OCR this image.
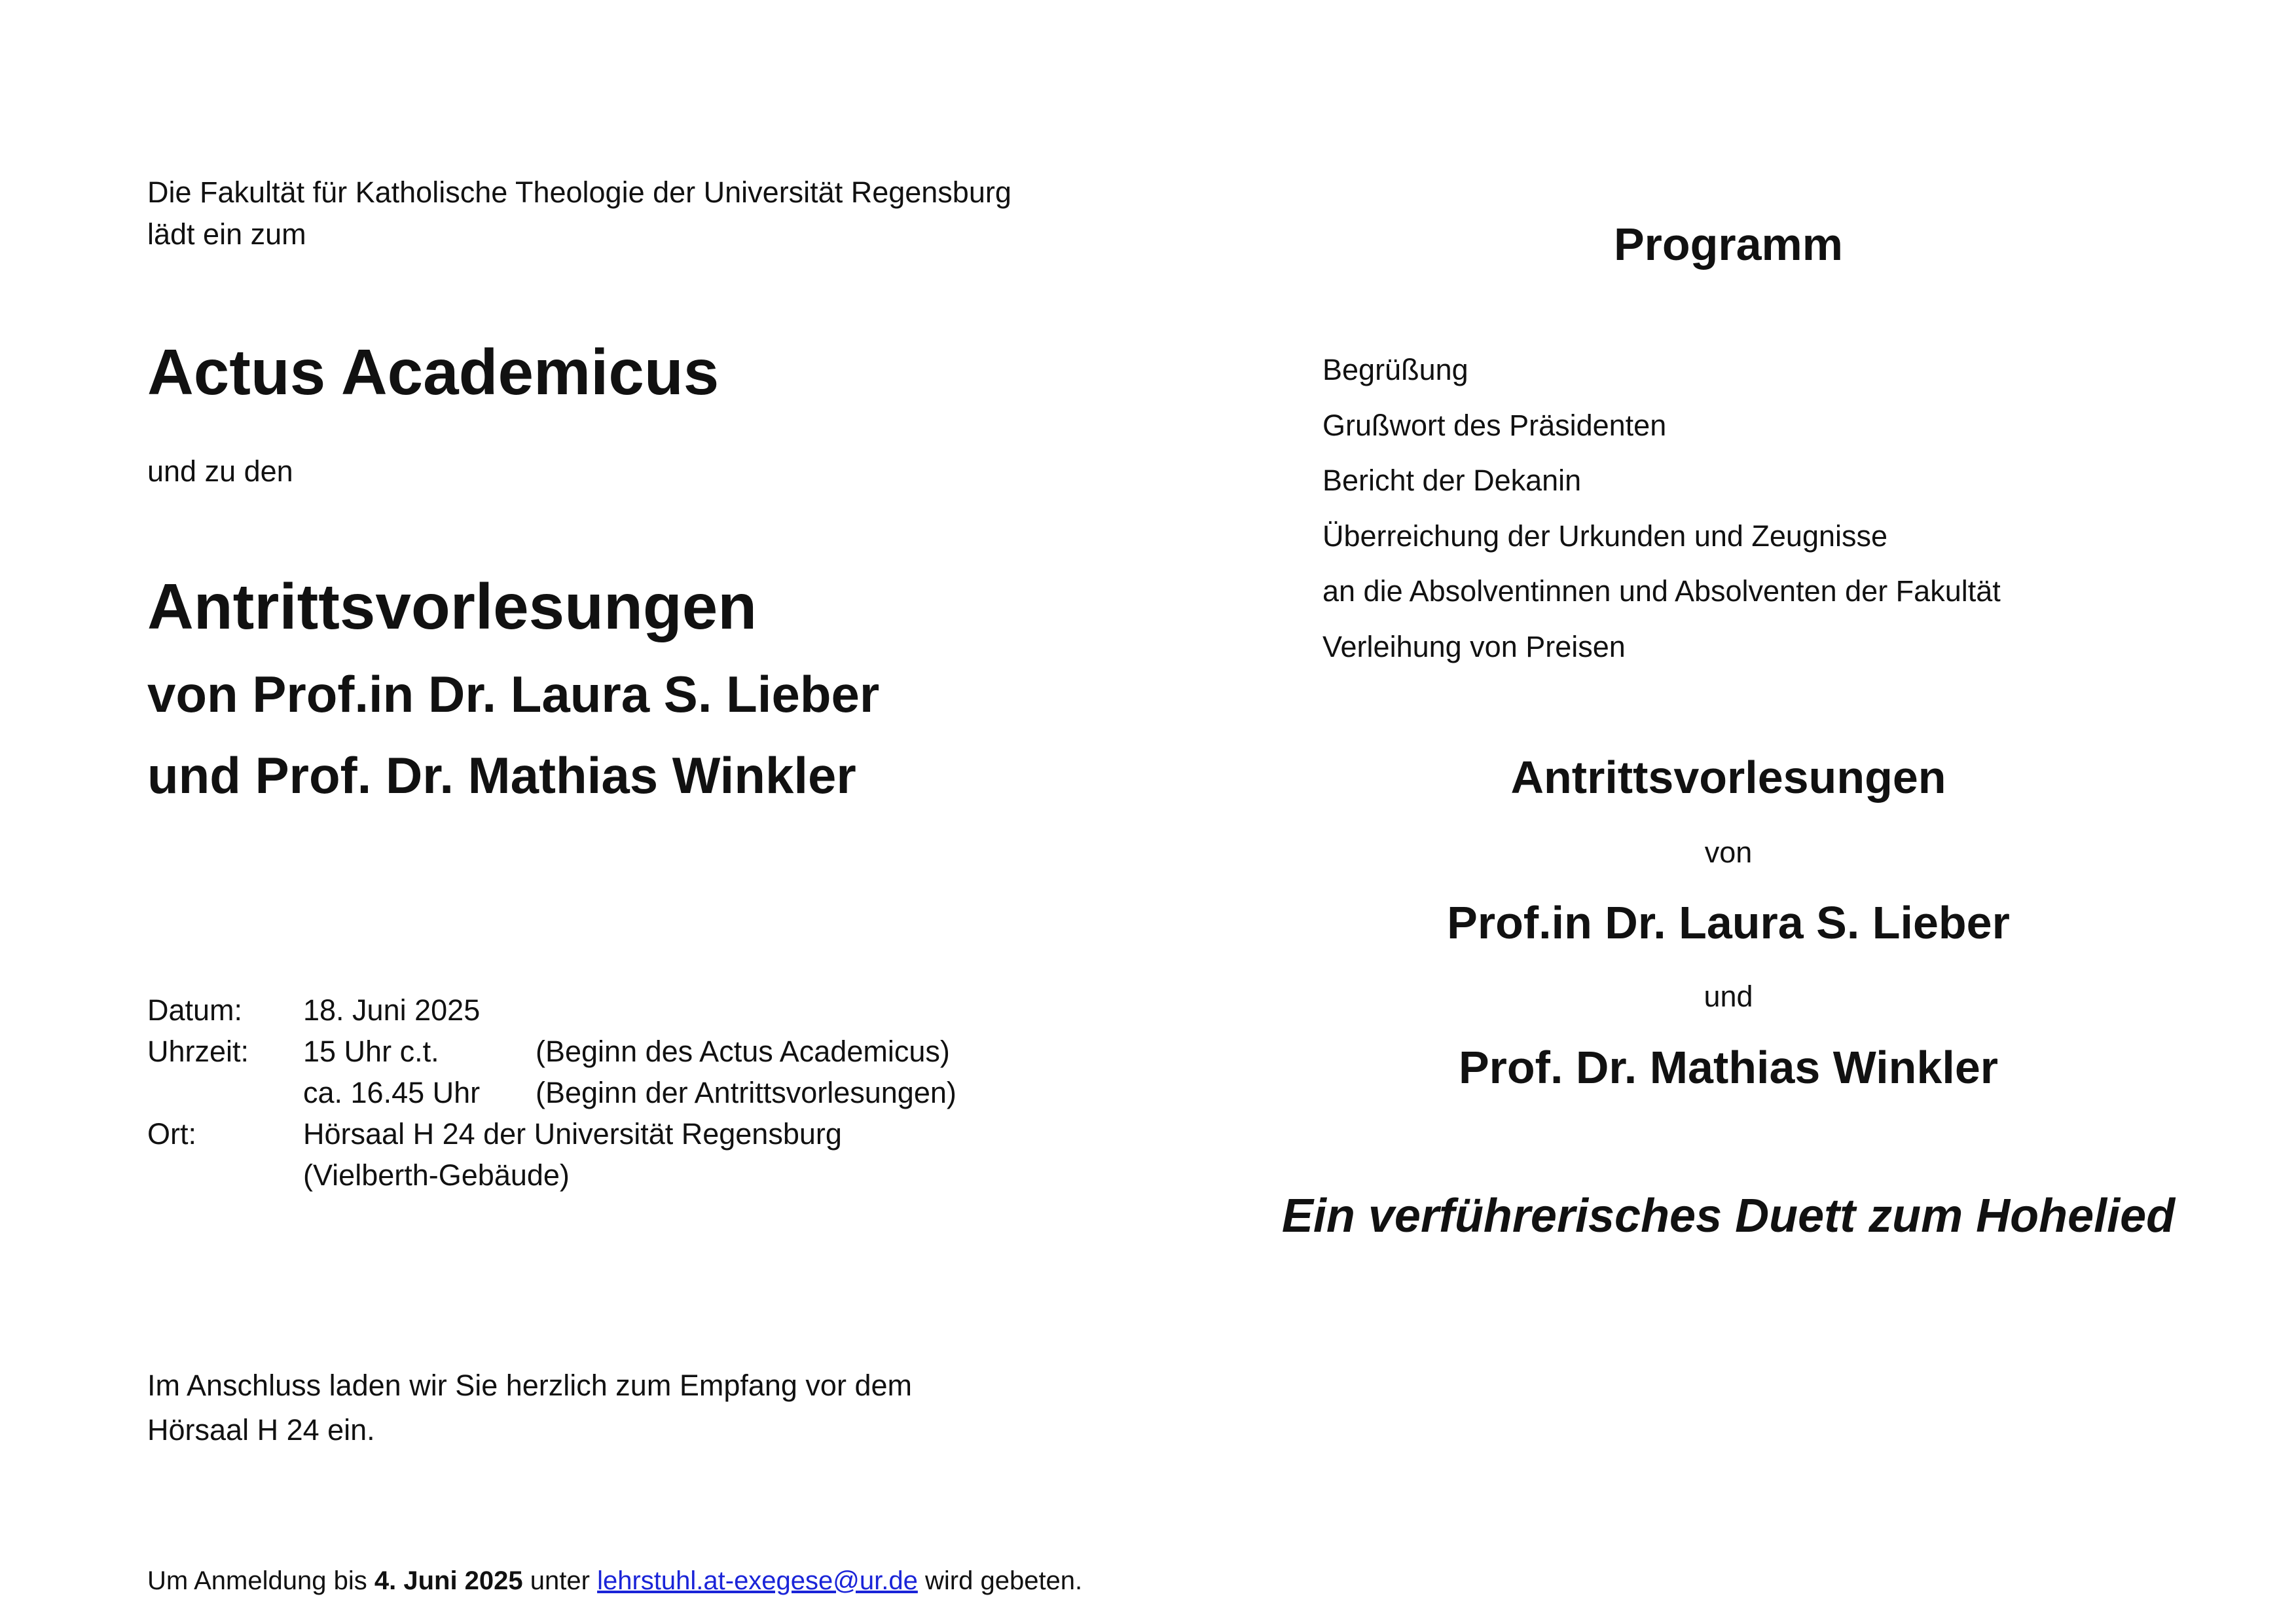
Die Fakultät für Katholische Theologie der Universität Regensburg
lädt ein zum
Actus Academicus
und zu den
Antrittsvorlesungen
von Prof.in Dr. Laura S. Lieber
und Prof. Dr. Mathias Winkler
Datum:	18. Juni 2025	
Uhrzeit:	15 Uhr c.t.	(Beginn des Actus Academicus)
	ca. 16.45 Uhr	(Beginn der Antrittsvorlesungen)
Ort:	Hörsaal H 24 der Universität Regensburg	
	(Vielberth-Gebäude)	
Im Anschluss laden wir Sie herzlich zum Empfang vor dem
Hörsaal H 24 ein.
Um Anmeldung bis 4. Juni 2025 unter lehrstuhl.at-exegese@ur.de wird gebeten.
Programm
Begrüßung
Grußwort des Präsidenten
Bericht der Dekanin
Überreichung der Urkunden und Zeugnisse
an die Absolventinnen und Absolventen der Fakultät
Verleihung von Preisen
Antrittsvorlesungen
von
Prof.in Dr. Laura S. Lieber
und
Prof. Dr. Mathias Winkler
Ein verführerisches Duett zum Hohelied
